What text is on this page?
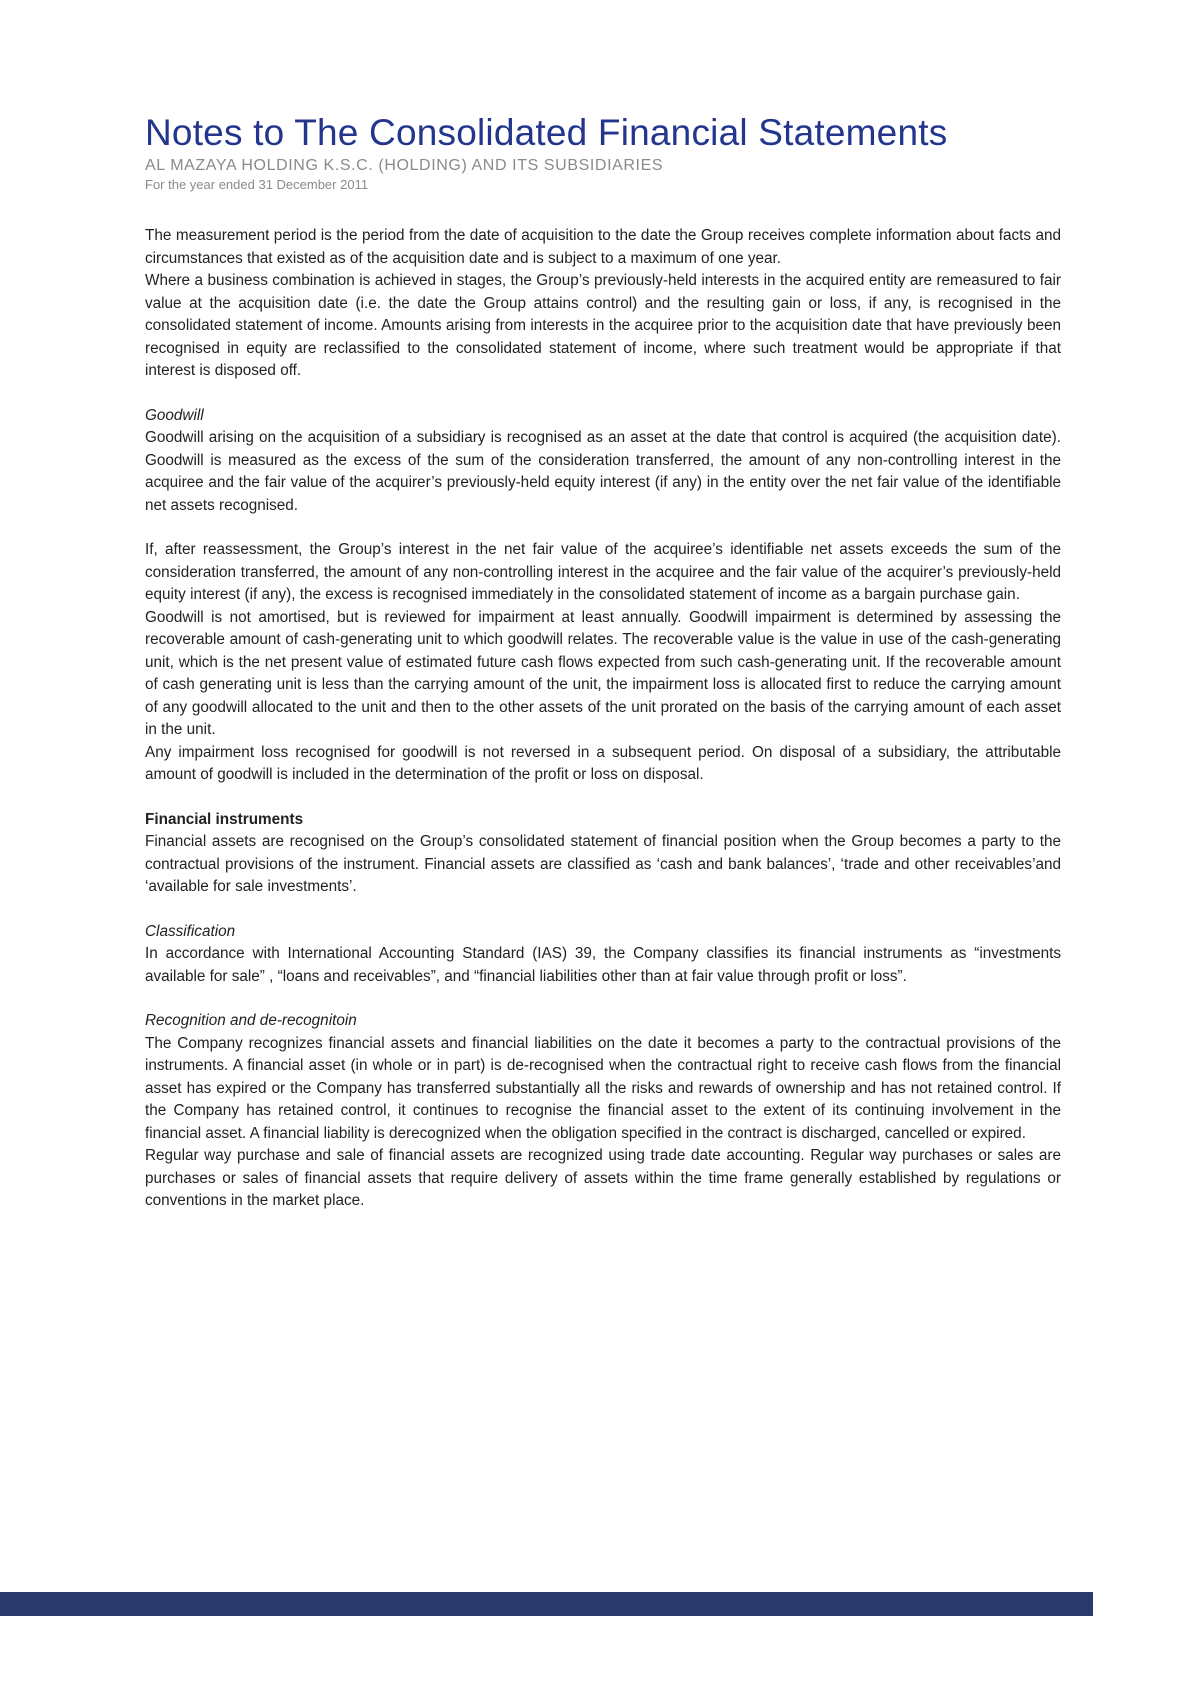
Notes to The Consolidated Financial Statements

AL MAZAYA HOLDING K.S.C. (HOLDING) AND ITS SUBSIDIARIES

For the year ended 31 December 2011

The measurement period is the period from the date of acquisition to the date the Group receives complete information about facts and circumstances that existed as of the acquisition date and is subject to a maximum of one year.

Where a business combination is achieved in stages, the Group’s previously-held interests in the acquired entity are remeasured to fair value at the acquisition date (i.e. the date the Group attains control) and the resulting gain or loss, if any, is recognised in the consolidated statement of income. Amounts arising from interests in the acquiree prior to the acquisition date that have previously been recognised in equity are reclassified to the consolidated statement of income, where such treatment would be appropriate if that interest is disposed off.

Goodwill

Goodwill arising on the acquisition of a subsidiary is recognised as an asset at the date that control is acquired (the acquisition date). Goodwill is measured as the excess of the sum of the consideration transferred, the amount of any non-controlling interest in the acquiree and the fair value of the acquirer’s previously-held equity interest (if any) in the entity over the net fair value of the identifiable net assets recognised.

If, after reassessment, the Group’s interest in the net fair value of the acquiree’s identifiable net assets exceeds the sum of the consideration transferred, the amount of any non-controlling interest in the acquiree and the fair value of the acquirer’s previously-held equity interest (if any), the excess is recognised immediately in the consolidated statement of income as a bargain purchase gain.

Goodwill is not amortised, but is reviewed for impairment at least annually. Goodwill impairment is determined by assessing the recoverable amount of cash-generating unit to which goodwill relates. The recoverable value is the value in use of the cash-generating unit, which is the net present value of estimated future cash flows expected from such cash-generating unit. If the recoverable amount of cash generating unit is less than the carrying amount of the unit, the impairment loss is allocated first to reduce the carrying amount of any goodwill allocated to the unit and then to the other assets of the unit prorated on the basis of the carrying amount of each asset in the unit.

Any impairment loss recognised for goodwill is not reversed in a subsequent period. On disposal of a subsidiary, the attributable amount of goodwill is included in the determination of the profit or loss on disposal.

Financial instruments

Financial assets are recognised on the Group’s consolidated statement of financial position when the Group becomes a party to the contractual provisions of the instrument. Financial assets are classified as ‘cash and bank balances’, ‘trade and other receivables’and ‘available for sale investments’.

Classification

In accordance with International Accounting Standard (IAS) 39, the Company classifies its financial instruments as “investments available for sale” , “loans and receivables”, and “financial liabilities other than at fair value through profit or loss”.

Recognition and de-recognitoin

The Company recognizes financial assets and financial liabilities on the date it becomes a party to the contractual provisions of the instruments. A financial asset (in whole or in part) is de-recognised when the contractual right to receive cash flows from the financial asset has expired or the Company has transferred substantially all the risks and rewards of ownership and has not retained control. If the Company has retained control, it continues to recognise the financial asset to the extent of its continuing involvement in the financial asset. A financial liability is derecognized when the obligation specified in the contract is discharged, cancelled or expired.

Regular way purchase and sale of financial assets are recognized using trade date accounting. Regular way purchases or sales are purchases or sales of financial assets that require delivery of assets within the time frame generally established by regulations or conventions in the market place.
